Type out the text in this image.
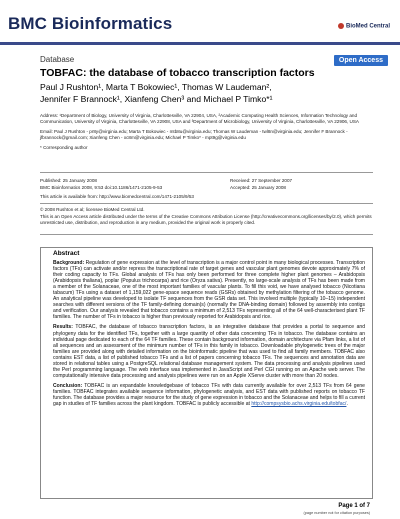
BMC Bioinformatics	BioMed Central
Database	Open Access
TOBFAC: the database of tobacco transcription factors
Paul J Rushton¹, Marta T Bokowiec¹, Thomas W Laudeman²,
Jennifer F Brannock¹, Xianfeng Chen³ and Michael P Timko*¹

Address: ¹Department of Biology, University of Virginia, Charlottesville, VA 22904, USA, ²Academic Computing Health Sciences, Information Technology and Communication, University of Virginia, Charlottesville, VA 22908, USA and ³Department of Microbiology, University of Virginia, Charlottesville, VA 22906, USA

Email: Paul J Rushton - pr8y@virginia.edu; Marta T Bokowiec - mtb8u@virginia.edu; Thomas W Laudeman - twl8n@virginia.edu; Jennifer F Brannock - jfbrannock@gmail.com; Xianfeng Chen - xc8m@virginia.edu; Michael P Timko* - mpt9g@virginia.edu

* Corresponding author

Published: 25 January 2008
BMC Bioinformatics 2008, 9:53 doi:10.1186/1471-2105-9-53
Received: 27 September 2007
Accepted: 25 January 2008
This article is available from: http://www.biomedcentral.com/1471-2105/9/53
© 2008 Rushton et al; licensee BioMed Central Ltd.
This is an Open Access article distributed under the terms of the Creative Commons Attribution License (http://creativecommons.org/licenses/by/2.0), which permits unrestricted use, distribution, and reproduction in any medium, provided the original work is properly cited.
Abstract

Background: Regulation of gene expression at the level of transcription is a major control point in many biological processes. Transcription factors (TFs) can activate and/or repress the transcriptional rate of target genes and vascular plant genomes devote approximately 7% of their coding capacity to TFs. Global analysis of TFs has only been performed for three complete higher plant genomes – Arabidopsis (Arabidopsis thaliana), poplar (Populus trichocarpa) and rice (Oryza sativa). Presently, no large-scale analysis of TFs has been made from a member of the Solanaceae, one of the most important families of vascular plants. To fill this void, we have analysed tobacco (Nicotiana tabacum) TFs using a dataset of 1,159,022 gene-space sequence reads (GSRs) obtained by methylation filtering of the tobacco genome. An analytical pipeline was developed to isolate TF sequences from the GSR data set. This involved multiple (typically 10–15) independent searches with different versions of the TF family-defining domain(s) (normally the DNA-binding domain) followed by assembly into contigs and verification. Our analysis revealed that tobacco contains a minimum of 2,513 TFs representing all of the 64 well-characterised plant TF families. The number of TFs in tobacco is higher than previously reported for Arabidopsis and rice.

Results: TOBFAC, the database of tobacco transcription factors, is an integrative database that provides a portal to sequence and phylogeny data for the identified TFs, together with a large quantity of other data concerning TFs in tobacco. The database contains an individual page dedicated to each of the 64 TF families. These contain background information, domain architecture via Pfam links, a list of all sequences and an assessment of the minimum number of TFs in this family in tobacco. Downloadable phylogenetic trees of the major families are provided along with detailed information on the bioinformatic pipeline that was used to find all family members. TOBFAC also contains EST data, a list of published tobacco TFs and a list of papers concerning tobacco TFs. The sequences and annotation data are stored in relational tables using a PostgreSQL relational database management system. The data processing and analysis pipelines used the Perl programming language. The web interface was implemented in JavaScript and Perl CGI running on an Apache web server. The computationally intensive data processing and analysis pipelines were run on an Apple XServe cluster with more than 20 nodes.

Conclusion: TOBFAC is an expandable knowledgebase of tobacco TFs with data currently available for over 2,513 TFs from 64 gene families. TOBFAC integrates available sequence information, phylogenetic analysis, and EST data with published reports on tobacco TF function. The database provides a major resource for the study of gene expression in tobacco and the Solanaceae and helps to fill a current gap in studies of TF families across the plant kingdom. TOBFAC is publicly accessible at http://compsysbio.achs.virginia.edu/tobfac/.

Page 1 of 7
(page number not for citation purposes)
